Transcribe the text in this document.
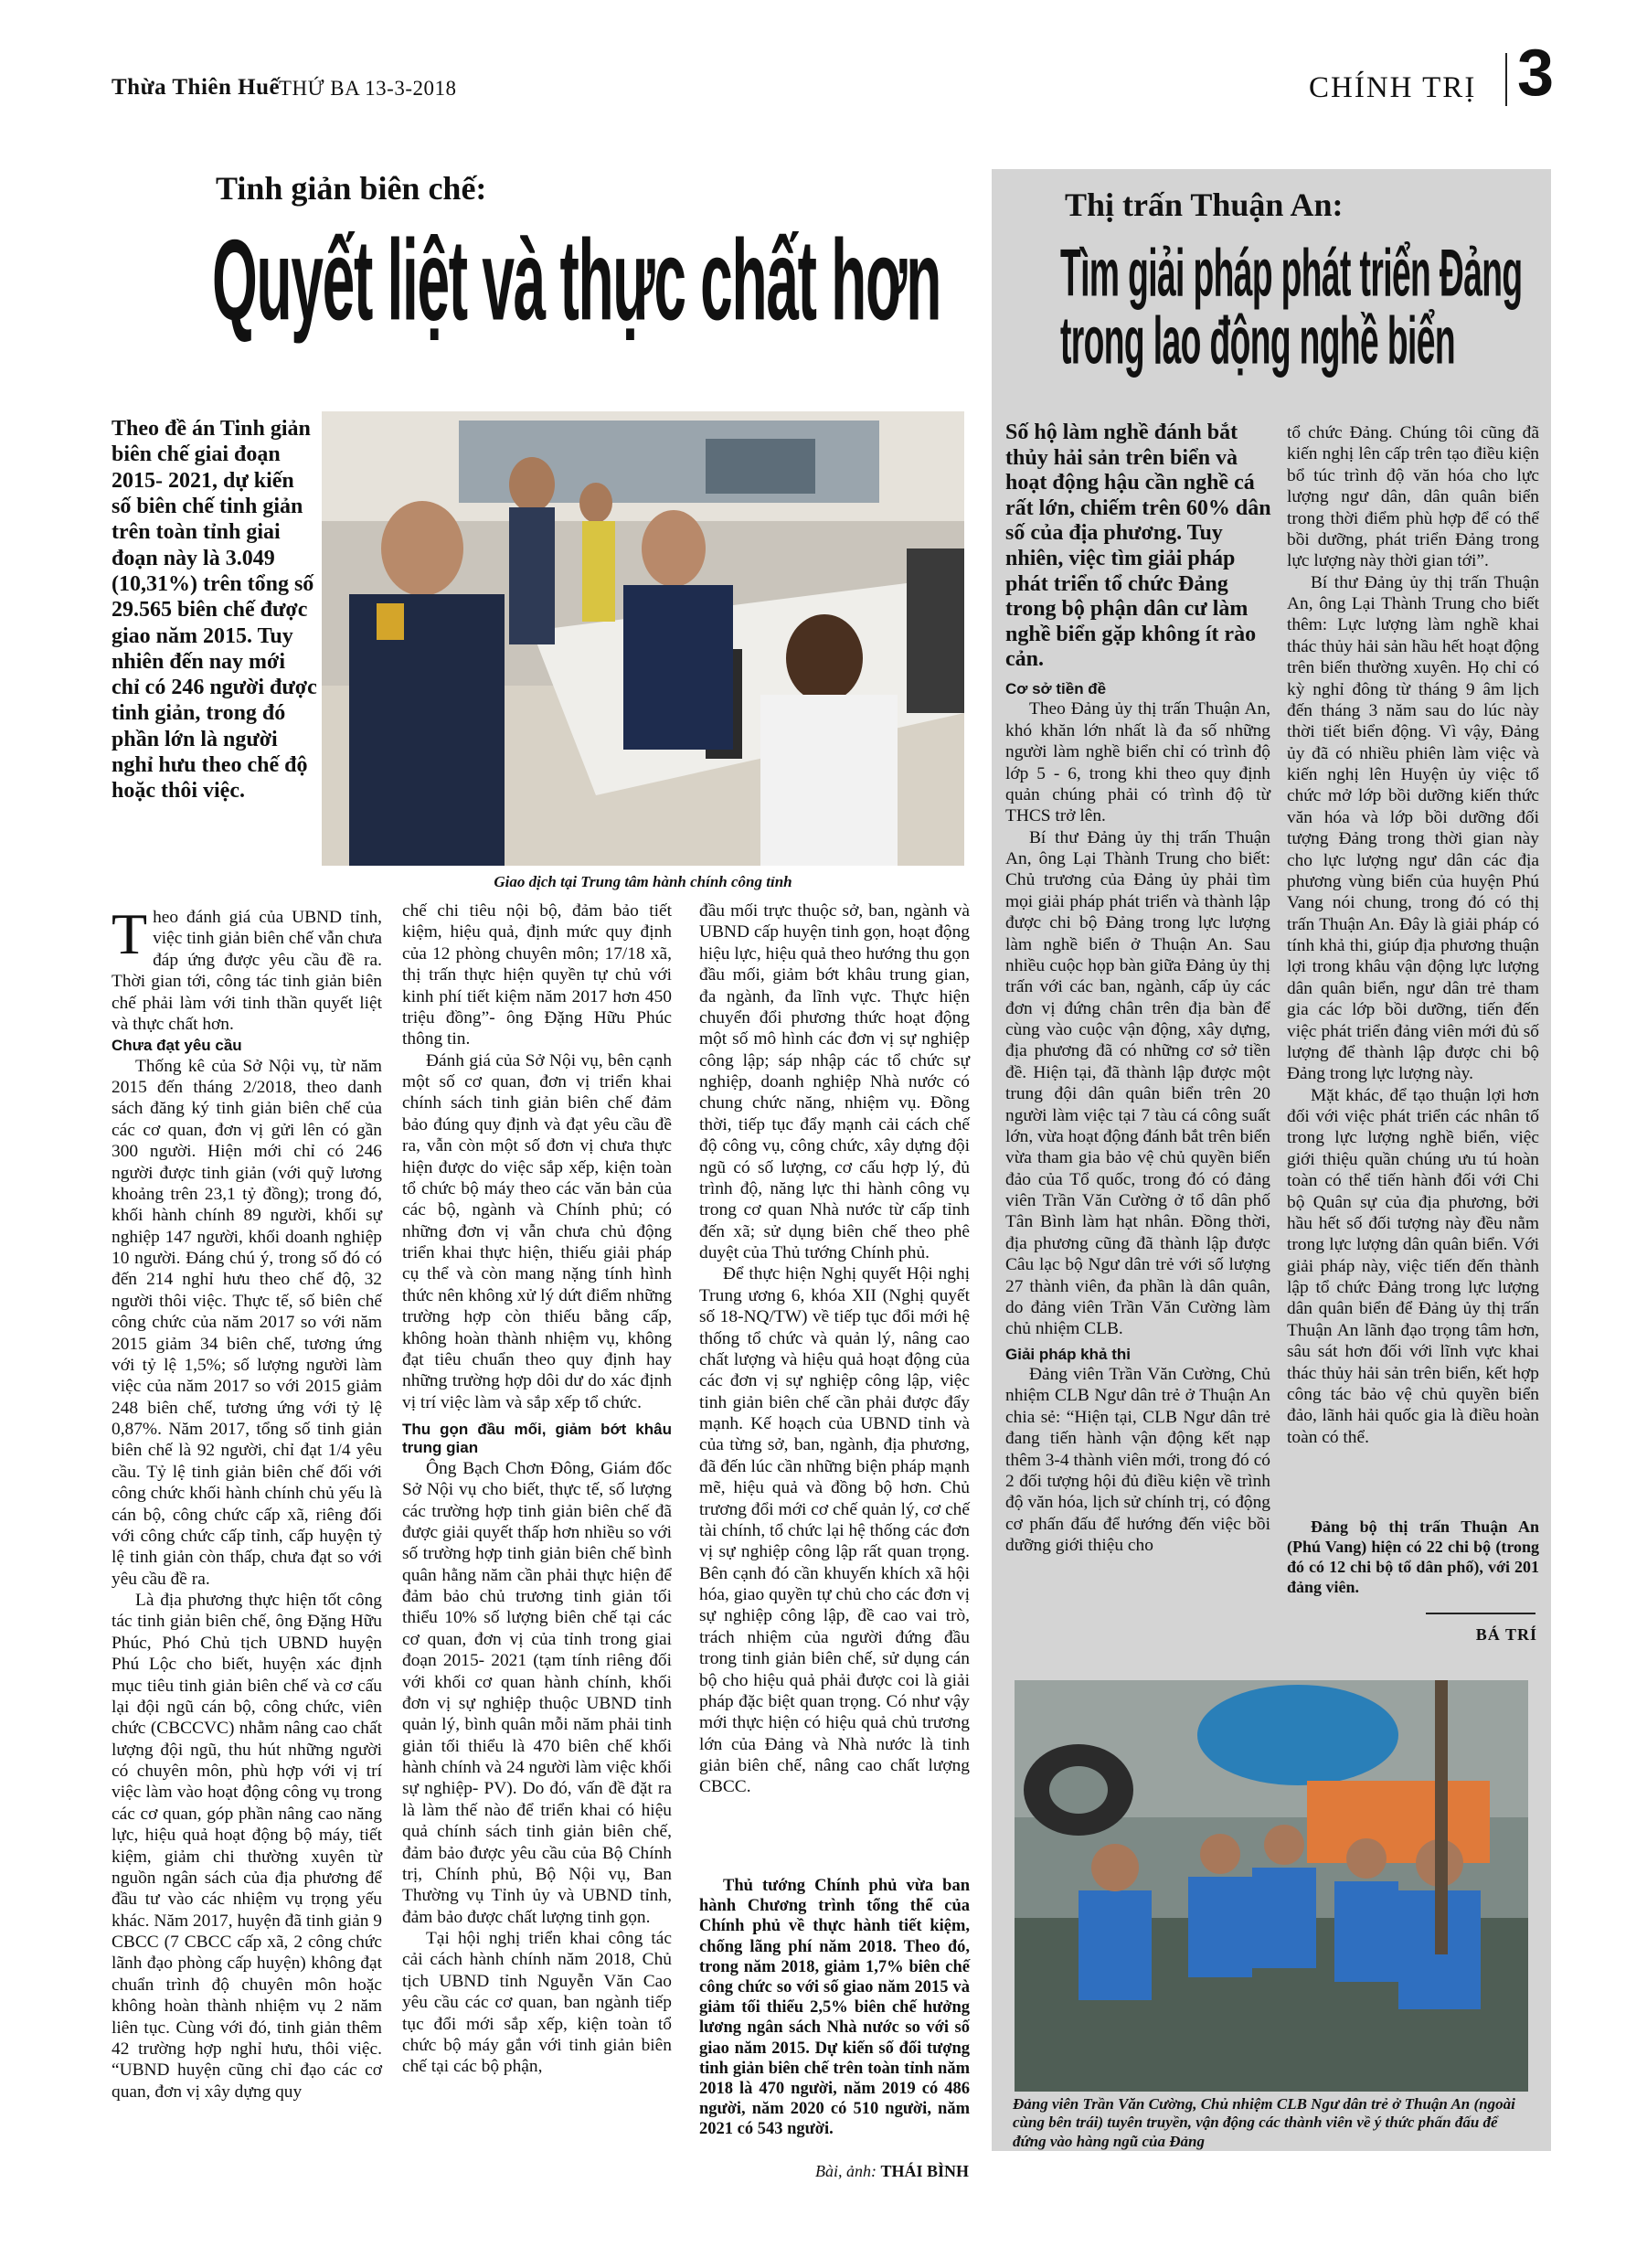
Thừa Thiên Huế
THỨ BA 13-3-2018	CHÍNH TRỊ 3
Tinh giản biên chế:
Quyết liệt và thực chất hơn
Theo đề án Tinh giản biên chế giai đoạn 2015- 2021, dự kiến số biên chế tinh giản trên toàn tỉnh giai đoạn này là 3.049 (10,31%) trên tổng số 29.565 biên chế được giao năm 2015. Tuy nhiên đến nay mới chỉ có 246 người được tinh giản, trong đó phần lớn là người nghỉ hưu theo chế độ hoặc thôi việc.
Giao dịch tại Trung tâm hành chính công tỉnh

Theo đánh giá của UBND tỉnh, việc tinh giản biên chế vẫn chưa đáp ứng được yêu cầu đề ra. Thời gian tới, công tác tinh giản biên chế phải làm với tinh thần quyết liệt và thực chất hơn.

Chưa đạt yêu cầu

Thống kê của Sở Nội vụ, từ năm 2015 đến tháng 2/2018, theo danh sách đăng ký tinh giản biên chế của các cơ quan, đơn vị gửi lên có gần 300 người. Hiện mới chỉ có 246 người được tinh giản (với quỹ lương khoảng trên 23,1 tỷ đồng); trong đó, khối hành chính 89 người, khối sự nghiệp 147 người, khối doanh nghiệp 10 người. Đáng chú ý, trong số đó có đến 214 nghỉ hưu theo chế độ, 32 người thôi việc. Thực tế, số biên chế công chức của năm 2017 so với năm 2015 giảm 34 biên chế, tương ứng với tỷ lệ 1,5%; số lượng người làm việc của năm 2017 so với 2015 giảm 248 biên chế, tương ứng với tỷ lệ 0,87%. Năm 2017, tổng số tinh giản biên chế là 92 người, chỉ đạt 1/4 yêu cầu. Tỷ lệ tinh giản biên chế đối với công chức khối hành chính chủ yếu là cán bộ, công chức cấp xã, riêng đối với công chức cấp tỉnh, cấp huyện tỷ lệ tinh giản còn thấp, chưa đạt so với yêu cầu đề ra.

Là địa phương thực hiện tốt công tác tinh giản biên chế, ông Đặng Hữu Phúc, Phó Chủ tịch UBND huyện Phú Lộc cho biết, huyện xác định mục tiêu tinh giản biên chế và cơ cấu lại đội ngũ cán bộ, công chức, viên chức (CBCCVC) nhằm nâng cao chất lượng đội ngũ, thu hút những người có chuyên môn, phù hợp với vị trí việc làm vào hoạt động công vụ trong các cơ quan, góp phần nâng cao năng lực, hiệu quả hoạt động bộ máy, tiết kiệm, giảm chi thường xuyên từ nguồn ngân sách của địa phương để đầu tư vào các nhiệm vụ trọng yếu khác. Năm 2017, huyện đã tinh giản 9 CBCC (7 CBCC cấp xã, 2 công chức lãnh đạo phòng cấp huyện) không đạt chuẩn trình độ chuyên môn hoặc không hoàn thành nhiệm vụ 2 năm liên tục. Cùng với đó, tinh giản thêm 42 trường hợp nghỉ hưu, thôi việc. “UBND huyện cũng chỉ đạo các cơ quan, đơn vị xây dựng quy

chế chi tiêu nội bộ, đảm bảo tiết kiệm, hiệu quả, định mức quy định của 12 phòng chuyên môn; 17/18 xã, thị trấn thực hiện quyền tự chủ với kinh phí tiết kiệm năm 2017 hơn 450 triệu đồng”- ông Đặng Hữu Phúc thông tin.

Đánh giá của Sở Nội vụ, bên cạnh một số cơ quan, đơn vị triển khai chính sách tinh giản biên chế đảm bảo đúng quy định và đạt yêu cầu đề ra, vẫn còn một số đơn vị chưa thực hiện được do việc sắp xếp, kiện toàn tổ chức bộ máy theo các văn bản của các bộ, ngành và Chính phủ; có những đơn vị vẫn chưa chủ động triển khai thực hiện, thiếu giải pháp cụ thể và còn mang nặng tính hình thức nên không xử lý dứt điểm những trường hợp còn thiếu bằng cấp, không hoàn thành nhiệm vụ, không đạt tiêu chuẩn theo quy định hay những trường hợp dôi dư do xác định vị trí việc làm và sắp xếp tổ chức.

Thu gọn đầu mối, giảm bớt khâu trung gian

Ông Bạch Chơn Đông, Giám đốc Sở Nội vụ cho biết, thực tế, số lượng các trường hợp tinh giản biên chế đã được giải quyết thấp hơn nhiều so với số trường hợp tinh giản biên chế bình quân hằng năm cần phải thực hiện để đảm bảo chủ trương tinh giản tối thiểu 10% số lượng biên chế tại các cơ quan, đơn vị của tỉnh trong giai đoạn 2015- 2021 (tạm tính riêng đối với khối cơ quan hành chính, khối đơn vị sự nghiệp thuộc UBND tỉnh quản lý, bình quân mỗi năm phải tinh giản tối thiểu là 470 biên chế khối hành chính và 24 người làm việc khối sự nghiệp- PV). Do đó, vấn đề đặt ra là làm thế nào để triển khai có hiệu quả chính sách tinh giản biên chế, đảm bảo được yêu cầu của Bộ Chính trị, Chính phủ, Bộ Nội vụ, Ban Thường vụ Tỉnh ủy và UBND tỉnh, đảm bảo được chất lượng tinh gọn.

Tại hội nghị triển khai công tác cải cách hành chính năm 2018, Chủ tịch UBND tỉnh Nguyễn Văn Cao yêu cầu các cơ quan, ban ngành tiếp tục đổi mới sắp xếp, kiện toàn tổ chức bộ máy gắn với tinh giản biên chế tại các bộ phận,

đầu mối trực thuộc sở, ban, ngành và UBND cấp huyện tinh gọn, hoạt động hiệu lực, hiệu quả theo hướng thu gọn đầu mối, giảm bớt khâu trung gian, đa ngành, đa lĩnh vực. Thực hiện chuyển đổi phương thức hoạt động một số mô hình các đơn vị sự nghiệp công lập; sáp nhập các tổ chức sự nghiệp, doanh nghiệp Nhà nước có chung chức năng, nhiệm vụ. Đồng thời, tiếp tục đẩy mạnh cải cách chế độ công vụ, công chức, xây dựng đội ngũ có số lượng, cơ cấu hợp lý, đủ trình độ, năng lực thi hành công vụ trong cơ quan Nhà nước từ cấp tỉnh đến xã; sử dụng biên chế theo phê duyệt của Thủ tướng Chính phủ.

Để thực hiện Nghị quyết Hội nghị Trung ương 6, khóa XII (Nghị quyết số 18-NQ/TW) về tiếp tục đổi mới hệ thống tổ chức và quản lý, nâng cao chất lượng và hiệu quả hoạt động của các đơn vị sự nghiệp công lập, việc tinh giản biên chế cần phải được đẩy mạnh. Kế hoạch của UBND tỉnh và của từng sở, ban, ngành, địa phương, đã đến lúc cần những biện pháp mạnh mẽ, hiệu quả và đồng bộ hơn. Chủ trương đổi mới cơ chế quản lý, cơ chế tài chính, tổ chức lại hệ thống các đơn vị sự nghiệp công lập rất quan trọng. Bên cạnh đó cần khuyến khích xã hội hóa, giao quyền tự chủ cho các đơn vị sự nghiệp công lập, đề cao vai trò, trách nhiệm của người đứng đầu trong tinh giản biên chế, sử dụng cán bộ cho hiệu quả phải được coi là giải pháp đặc biệt quan trọng. Có như vậy mới thực hiện có hiệu quả chủ trương lớn của Đảng và Nhà nước là tinh giản biên chế, nâng cao chất lượng CBCC.

Thủ tướng Chính phủ vừa ban hành Chương trình tổng thể của Chính phủ về thực hành tiết kiệm, chống lãng phí năm 2018. Theo đó, trong năm 2018, giảm 1,7% biên chế công chức so với số giao năm 2015 và giảm tối thiểu 2,5% biên chế hưởng lương ngân sách Nhà nước so với số giao năm 2015. Dự kiến số đối tượng tinh giản biên chế trên toàn tỉnh năm 2018 là 470 người, năm 2019 có 486 người, năm 2020 có 510 người, năm 2021 có 543 người.
Bài, ảnh: THÁI BÌNH
Thị trấn Thuận An:
Tìm giải pháp phát triển Đảng
trong lao động nghề biển
Số hộ làm nghề đánh bắt thủy hải sản trên biển và hoạt động hậu cần nghề cá rất lớn, chiếm trên 60% dân số của địa phương. Tuy nhiên, việc tìm giải pháp phát triển tổ chức Đảng trong bộ phận dân cư làm nghề biển gặp không ít rào cản.
Cơ sở tiền đề

Theo Đảng ủy thị trấn Thuận An, khó khăn lớn nhất là đa số những người làm nghề biển chỉ có trình độ lớp 5 - 6, trong khi theo quy định quản chúng phải có trình độ từ THCS trở lên.

Bí thư Đảng ủy thị trấn Thuận An, ông Lại Thành Trung cho biết: Chủ trương của Đảng ủy phải tìm mọi giải pháp phát triển và thành lập được chi bộ Đảng trong lực lượng làm nghề biển ở Thuận An. Sau nhiều cuộc họp bàn giữa Đảng ủy thị trấn với các ban, ngành, cấp ủy các đơn vị đứng chân trên địa bàn để cùng vào cuộc vận động, xây dựng, địa phương đã có những cơ sở tiền đề. Hiện tại, đã thành lập được một trung đội dân quân biển trên 20 người làm việc tại 7 tàu cá công suất lớn, vừa hoạt động đánh bắt trên biển vừa tham gia bảo vệ chủ quyền biển đảo của Tổ quốc, trong đó có đảng viên Trần Văn Cường ở tổ dân phố Tân Bình làm hạt nhân. Đồng thời, địa phương cũng đã thành lập được Câu lạc bộ Ngư dân trẻ với số lượng 27 thành viên, đa phần là dân quân, do đảng viên Trần Văn Cường làm chủ nhiệm CLB.

Giải pháp khả thi

Đảng viên Trần Văn Cường, Chủ nhiệm CLB Ngư dân trẻ ở Thuận An chia sẻ: “Hiện tại, CLB Ngư dân trẻ đang tiến hành vận động kết nạp thêm 3-4 thành viên mới, trong đó có 2 đối tượng hội đủ điều kiện về trình độ văn hóa, lịch sử chính trị, có động cơ phấn đấu để hướng đến việc bồi dưỡng giới thiệu cho

tổ chức Đảng. Chúng tôi cũng đã kiến nghị lên cấp trên tạo điều kiện bổ túc trình độ văn hóa cho lực lượng ngư dân, dân quân biển trong thời điểm phù hợp để có thể bồi dưỡng, phát triển Đảng trong lực lượng này thời gian tới”.

Bí thư Đảng ủy thị trấn Thuận An, ông Lại Thành Trung cho biết thêm: Lực lượng làm nghề khai thác thủy hải sản hầu hết hoạt động trên biển thường xuyên. Họ chỉ có kỳ nghỉ đông từ tháng 9 âm lịch đến tháng 3 năm sau do lúc này thời tiết biển động. Vì vậy, Đảng ủy đã có nhiều phiên làm việc và kiến nghị lên Huyện ủy việc tổ chức mở lớp bồi dưỡng kiến thức văn hóa và lớp bồi dưỡng đối tượng Đảng trong thời gian này cho lực lượng ngư dân các địa phương vùng biển của huyện Phú Vang nói chung, trong đó có thị trấn Thuận An. Đây là giải pháp có tính khả thi, giúp địa phương thuận lợi trong khâu vận động lực lượng dân quân biển, ngư dân trẻ tham gia các lớp bồi dưỡng, tiến đến việc phát triển đảng viên mới đủ số lượng để thành lập được chi bộ Đảng trong lực lượng này.

Mặt khác, để tạo thuận lợi hơn đối với việc phát triển các nhân tố trong lực lượng nghề biển, việc giới thiệu quần chúng ưu tú hoàn toàn có thể tiến hành đối với Chi bộ Quân sự của địa phương, bởi hầu hết số đối tượng này đều nằm trong lực lượng dân quân biển. Với giải pháp này, việc tiến đến thành lập tổ chức Đảng trong lực lượng dân quân biển để Đảng ủy thị trấn Thuận An lãnh đạo trọng tâm hơn, sâu sát hơn đối với lĩnh vực khai thác thủy hải sản trên biển, kết hợp công tác bảo vệ chủ quyền biển đảo, lãnh hải quốc gia là điều hoàn toàn có thể.

Đảng bộ thị trấn Thuận An (Phú Vang) hiện có 22 chi bộ (trong đó có 12 chi bộ tổ dân phố), với 201 đảng viên.
BÁ TRÍ
Đảng viên Trần Văn Cường, Chủ nhiệm CLB Ngư dân trẻ ở Thuận An (ngoài cùng bên trái) tuyên truyền, vận động các thành viên về ý thức phấn đấu để đứng vào hàng ngũ của Đảng
